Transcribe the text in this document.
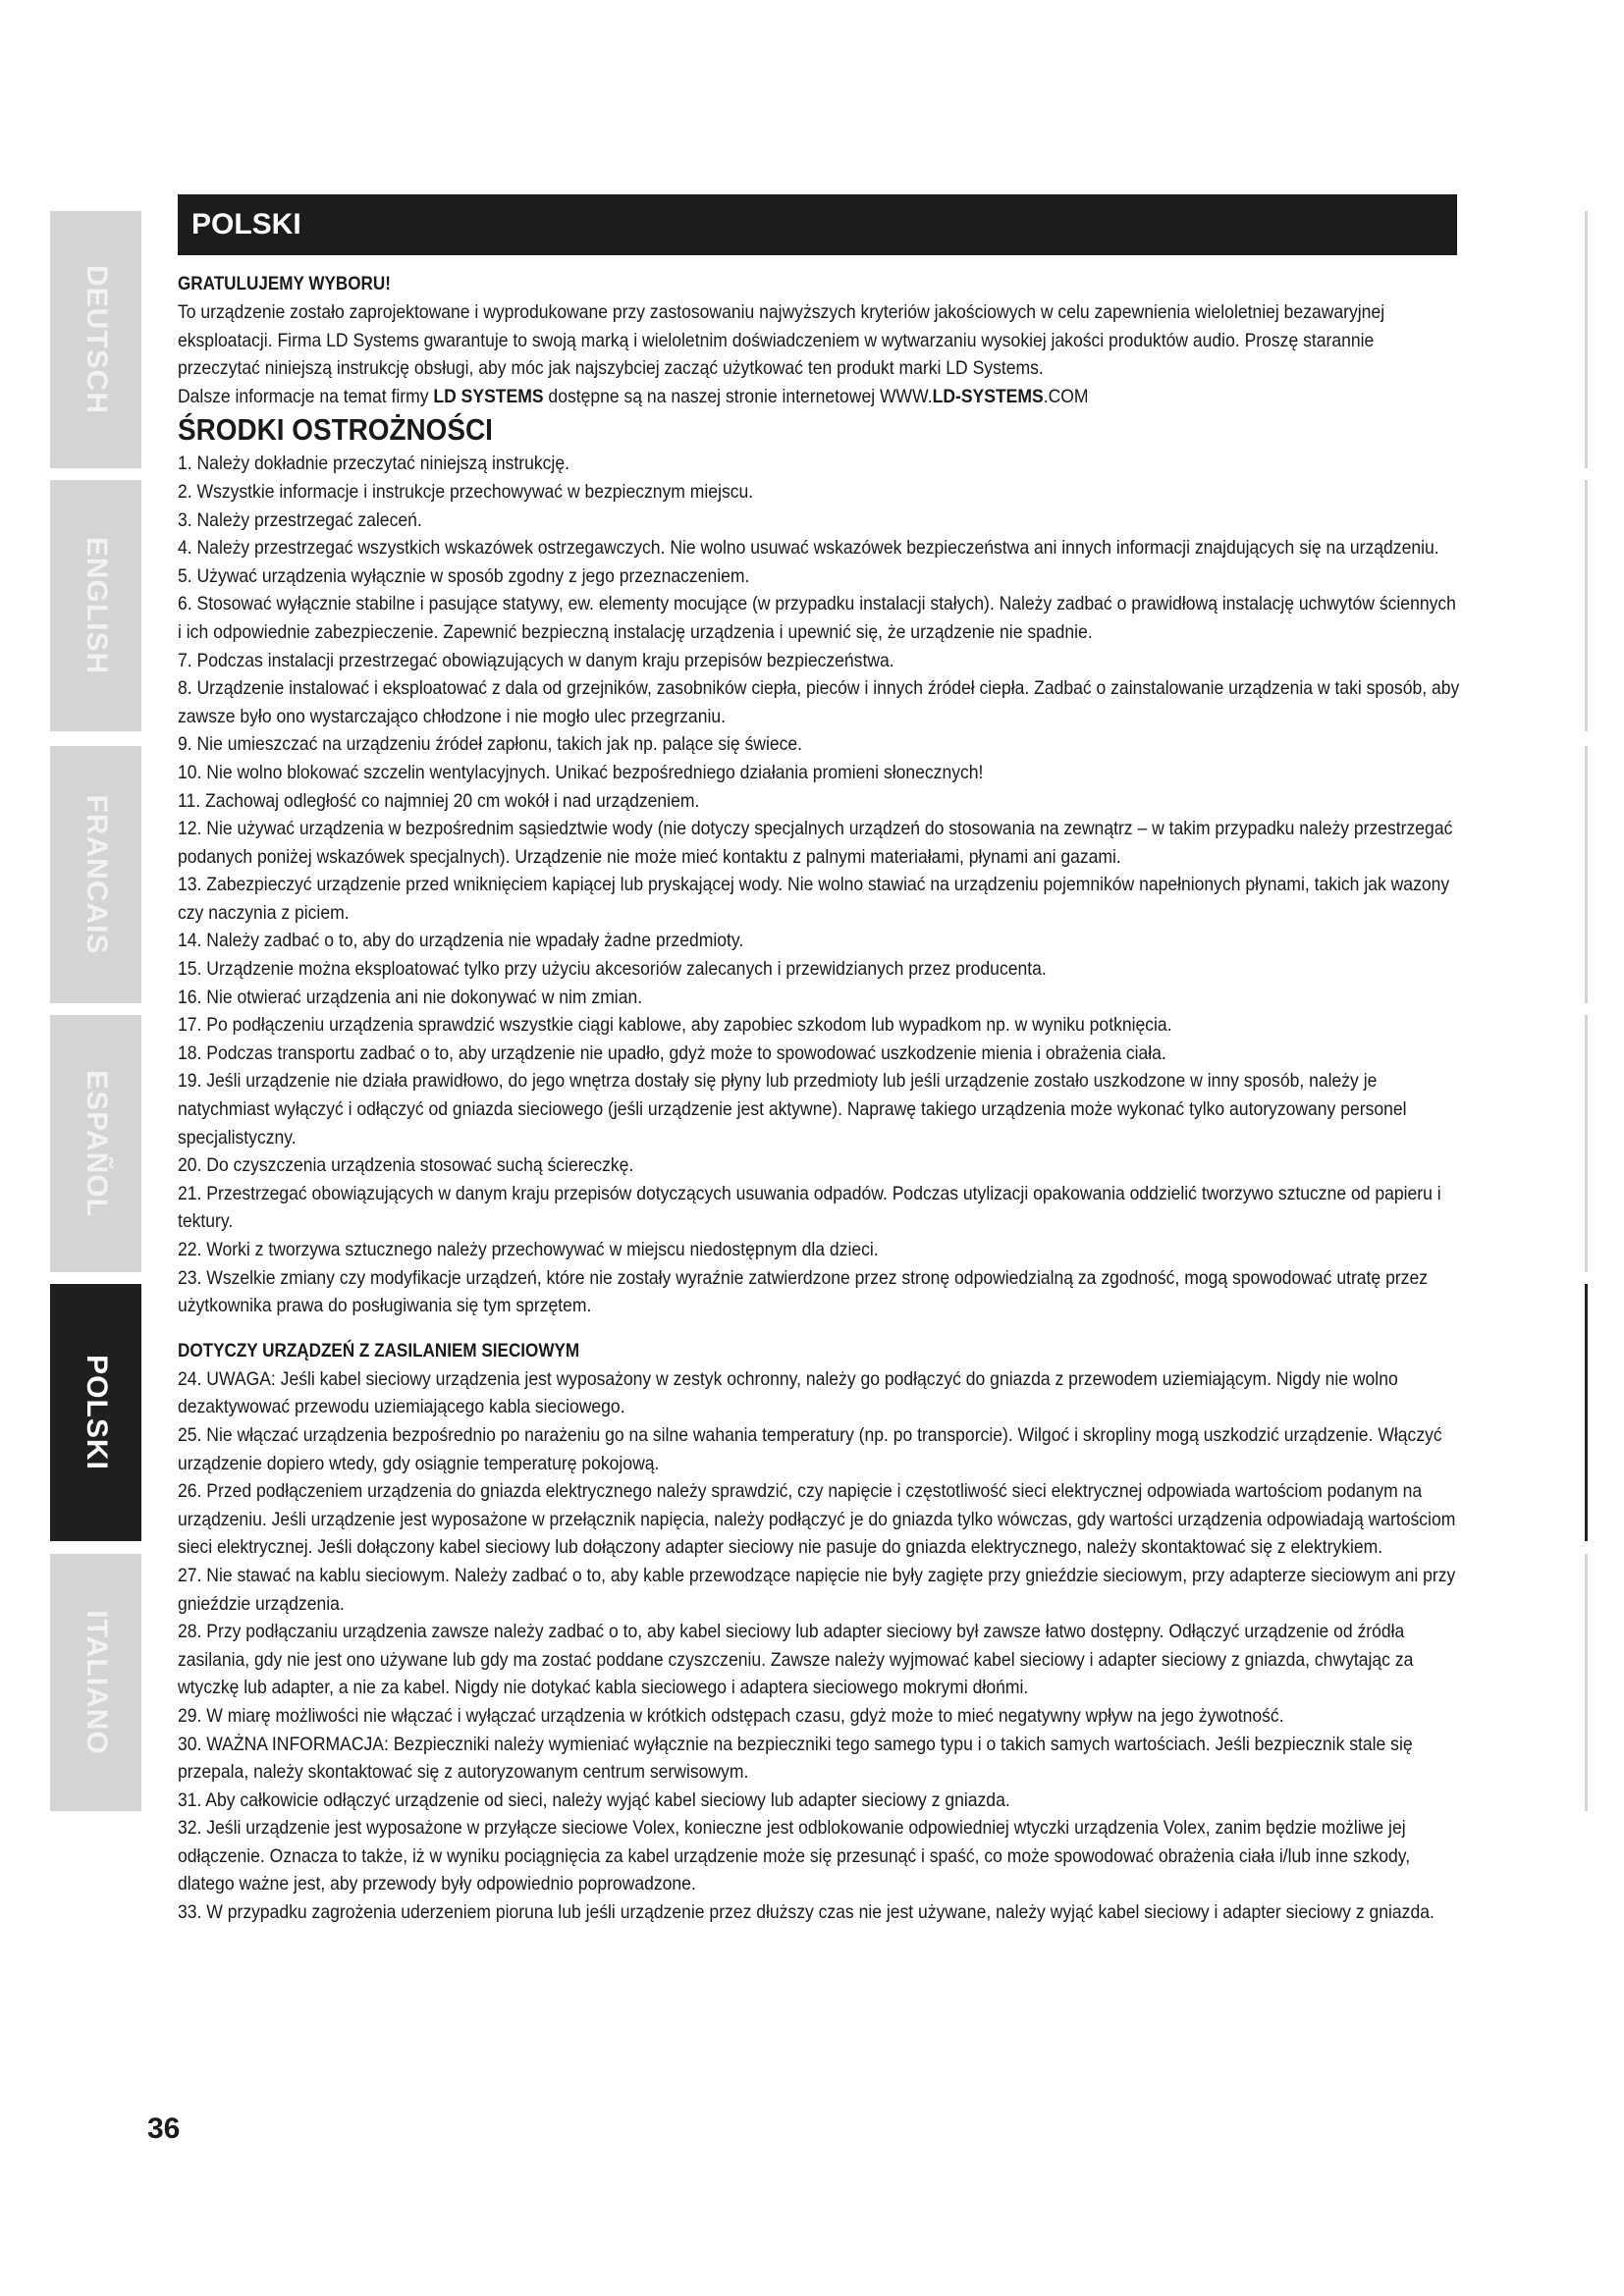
DEUTSCH
ENGLISH
FRANCAIS
ESPAÑOL
POLSKI
ITALIANO
POLSKI

GRATULUJEMY WYBORU!

To urządzenie zostało zaprojektowane i wyprodukowane przy zastosowaniu najwyższych kryteriów jakościowych w celu zapewnienia wieloletniej bezawaryjnej eksploatacji. Firma LD Systems gwarantuje to swoją marką i wieloletnim doświadczeniem w wytwarzaniu wysokiej jakości produktów audio. Proszę starannie przeczytać niniejszą instrukcję obsługi, aby móc jak najszybciej zacząć użytkować ten produkt marki LD Systems.

Dalsze informacje na temat firmy LD SYSTEMS dostępne są na naszej stronie internetowej WWW.LD-SYSTEMS.COM

ŚRODKI OSTROŻNOŚCI

1. Należy dokładnie przeczytać niniejszą instrukcję.

2. Wszystkie informacje i instrukcje przechowywać w bezpiecznym miejscu.

3. Należy przestrzegać zaleceń.

4. Należy przestrzegać wszystkich wskazówek ostrzegawczych. Nie wolno usuwać wskazówek bezpieczeństwa ani innych informacji znajdujących się na urządzeniu.

5. Używać urządzenia wyłącznie w sposób zgodny z jego przeznaczeniem.

6. Stosować wyłącznie stabilne i pasujące statywy, ew. elementy mocujące (w przypadku instalacji stałych). Należy zadbać o prawidłową instalację uchwytów ściennych i ich odpowiednie zabezpieczenie. Zapewnić bezpieczną instalację urządzenia i upewnić się, że urządzenie nie spadnie.

7. Podczas instalacji przestrzegać obowiązujących w danym kraju przepisów bezpieczeństwa.

8. Urządzenie instalować i eksploatować z dala od grzejników, zasobników ciepła, pieców i innych źródeł ciepła. Zadbać o zainstalowanie urządzenia w taki sposób, aby zawsze było ono wystarczająco chłodzone i nie mogło ulec przegrzaniu.

9. Nie umieszczać na urządzeniu źródeł zapłonu, takich jak np. palące się świece.

10. Nie wolno blokować szczelin wentylacyjnych. Unikać bezpośredniego działania promieni słonecznych!

11. Zachowaj odległość co najmniej 20 cm wokół i nad urządzeniem.

12. Nie używać urządzenia w bezpośrednim sąsiedztwie wody (nie dotyczy specjalnych urządzeń do stosowania na zewnątrz – w takim przypadku należy przestrzegać podanych poniżej wskazówek specjalnych). Urządzenie nie może mieć kontaktu z palnymi materiałami, płynami ani gazami.

13. Zabezpieczyć urządzenie przed wniknięciem kapiącej lub pryskającej wody. Nie wolno stawiać na urządzeniu pojemników napełnionych płynami, takich jak wazony czy naczynia z piciem.

14. Należy zadbać o to, aby do urządzenia nie wpadały żadne przedmioty.

15. Urządzenie można eksploatować tylko przy użyciu akcesoriów zalecanych i przewidzianych przez producenta.

16. Nie otwierać urządzenia ani nie dokonywać w nim zmian.

17. Po podłączeniu urządzenia sprawdzić wszystkie ciągi kablowe, aby zapobiec szkodom lub wypadkom np. w wyniku potknięcia.

18. Podczas transportu zadbać o to, aby urządzenie nie upadło, gdyż może to spowodować uszkodzenie mienia i obrażenia ciała.

19. Jeśli urządzenie nie działa prawidłowo, do jego wnętrza dostały się płyny lub przedmioty lub jeśli urządzenie zostało uszkodzone w inny sposób, należy je natychmiast wyłączyć i odłączyć od gniazda sieciowego (jeśli urządzenie jest aktywne). Naprawę takiego urządzenia może wykonać tylko autoryzowany personel specjalistyczny.

20. Do czyszczenia urządzenia stosować suchą ściereczkę.

21. Przestrzegać obowiązujących w danym kraju przepisów dotyczących usuwania odpadów. Podczas utylizacji opakowania oddzielić tworzywo sztuczne od papieru i tektury.

22. Worki z tworzywa sztucznego należy przechowywać w miejscu niedostępnym dla dzieci.

23. Wszelkie zmiany czy modyfikacje urządzeń, które nie zostały wyraźnie zatwierdzone przez stronę odpowiedzialną za zgodność, mogą spowodować utratę przez użytkownika prawa do posługiwania się tym sprzętem.

DOTYCZY URZĄDZEŃ Z ZASILANIEM SIECIOWYM

24. UWAGA: Jeśli kabel sieciowy urządzenia jest wyposażony w zestyk ochronny, należy go podłączyć do gniazda z przewodem uziemiającym. Nigdy nie wolno dezaktywować przewodu uziemiającego kabla sieciowego.

25. Nie włączać urządzenia bezpośrednio po narażeniu go na silne wahania temperatury (np. po transporcie). Wilgoć i skropliny mogą uszkodzić urządzenie. Włączyć urządzenie dopiero wtedy, gdy osiągnie temperaturę pokojową.

26. Przed podłączeniem urządzenia do gniazda elektrycznego należy sprawdzić, czy napięcie i częstotliwość sieci elektrycznej odpowiada wartościom podanym na urządzeniu. Jeśli urządzenie jest wyposażone w przełącznik napięcia, należy podłączyć je do gniazda tylko wówczas, gdy wartości urządzenia odpowiadają wartościom sieci elektrycznej. Jeśli dołączony kabel sieciowy lub dołączony adapter sieciowy nie pasuje do gniazda elektrycznego, należy skontaktować się z elektrykiem.

27. Nie stawać na kablu sieciowym. Należy zadbać o to, aby kable przewodzące napięcie nie były zagięte przy gnieździe sieciowym, przy adapterze sieciowym ani przy gnieździe urządzenia.

28. Przy podłączaniu urządzenia zawsze należy zadbać o to, aby kabel sieciowy lub adapter sieciowy był zawsze łatwo dostępny. Odłączyć urządzenie od źródła zasilania, gdy nie jest ono używane lub gdy ma zostać poddane czyszczeniu. Zawsze należy wyjmować kabel sieciowy i adapter sieciowy z gniazda, chwytając za wtyczkę lub adapter, a nie za kabel. Nigdy nie dotykać kabla sieciowego i adaptera sieciowego mokrymi dłońmi.

29. W miarę możliwości nie włączać i wyłączać urządzenia w krótkich odstępach czasu, gdyż może to mieć negatywny wpływ na jego żywotność.

30. WAŻNA INFORMACJA: Bezpieczniki należy wymieniać wyłącznie na bezpieczniki tego samego typu i o takich samych wartościach. Jeśli bezpiecznik stale się przepala, należy skontaktować się z autoryzowanym centrum serwisowym.

31. Aby całkowicie odłączyć urządzenie od sieci, należy wyjąć kabel sieciowy lub adapter sieciowy z gniazda.

32. Jeśli urządzenie jest wyposażone w przyłącze sieciowe Volex, konieczne jest odblokowanie odpowiedniej wtyczki urządzenia Volex, zanim będzie możliwe jej odłączenie. Oznacza to także, iż w wyniku pociągnięcia za kabel urządzenie może się przesunąć i spaść, co może spowodować obrażenia ciała i/lub inne szkody, dlatego ważne jest, aby przewody były odpowiednio poprowadzone.

33. W przypadku zagrożenia uderzeniem pioruna lub jeśli urządzenie przez dłuższy czas nie jest używane, należy wyjąć kabel sieciowy i adapter sieciowy z gniazda.

36
